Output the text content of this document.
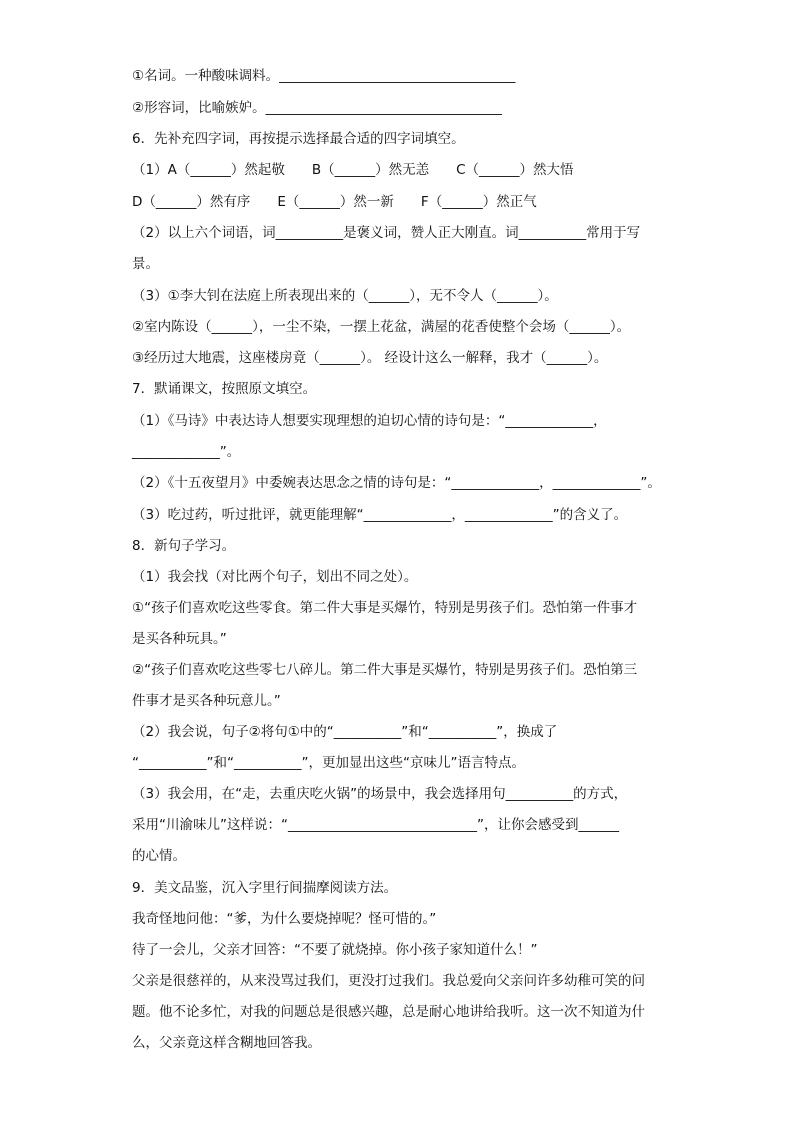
①名词。一种酸味调料。___________________________________
②形容词，比喻嫉妒。___________________________________
6．先补充四字词，再按提示选择最合适的四字词填空。
（1）A（______）然起敬　　B（______）然无恙　　C（______）然大悟
D（______）然有序　　E（______）然一新　　F（______）然正气
（2）以上六个词语，词__________是褒义词，赞人正大刚直。词__________常用于写
景。
（3）①李大钊在法庭上所表现出来的（______），无不令人（______）。
②室内陈设（______），一尘不染，一摆上花盆，满屋的花香使整个会场（______）。
③经历过大地震，这座楼房竟（______）。 经设计这么一解释，我才（______）。
7．默诵课文，按照原文填空。
（1）《马诗》中表达诗人想要实现理想的迫切心情的诗句是：“_____________，
_____________”。
（2）《十五夜望月》中委婉表达思念之情的诗句是：“_____________，_____________”。
（3）吃过药，听过批评，就更能理解“_____________，_____________”的含义了。
8．新句子学习。
（1）我会找（对比两个句子，划出不同之处）。
①“孩子们喜欢吃这些零食。第二件大事是买爆竹，特别是男孩子们。恐怕第一件事才
是买各种玩具。”
②“孩子们喜欢吃这些零七八碎儿。第二件大事是买爆竹，特别是男孩子们。恐怕第三
件事才是买各种玩意儿。”
（2）我会说，句子②将句①中的“__________”和“__________”，换成了
“__________”和“__________”，更加显出这些“京味儿”语言特点。
（3）我会用，在“走，去重庆吃火锅”的场景中，我会选择用句__________的方式，
采用“川渝味儿”这样说：“____________________________”，让你会感受到______
的心情。
9．美文品鉴，沉入字里行间揣摩阅读方法。
我奇怪地问他：“爹，为什么要烧掉呢？怪可惜的。”
待了一会儿，父亲才回答：“不要了就烧掉。你小孩子家知道什么！”
父亲是很慈祥的，从来没骂过我们，更没打过我们。我总爱向父亲问许多幼稚可笑的问
题。他不论多忙，对我的问题总是很感兴趣，总是耐心地讲给我听。这一次不知道为什
么，父亲竟这样含糊地回答我。
